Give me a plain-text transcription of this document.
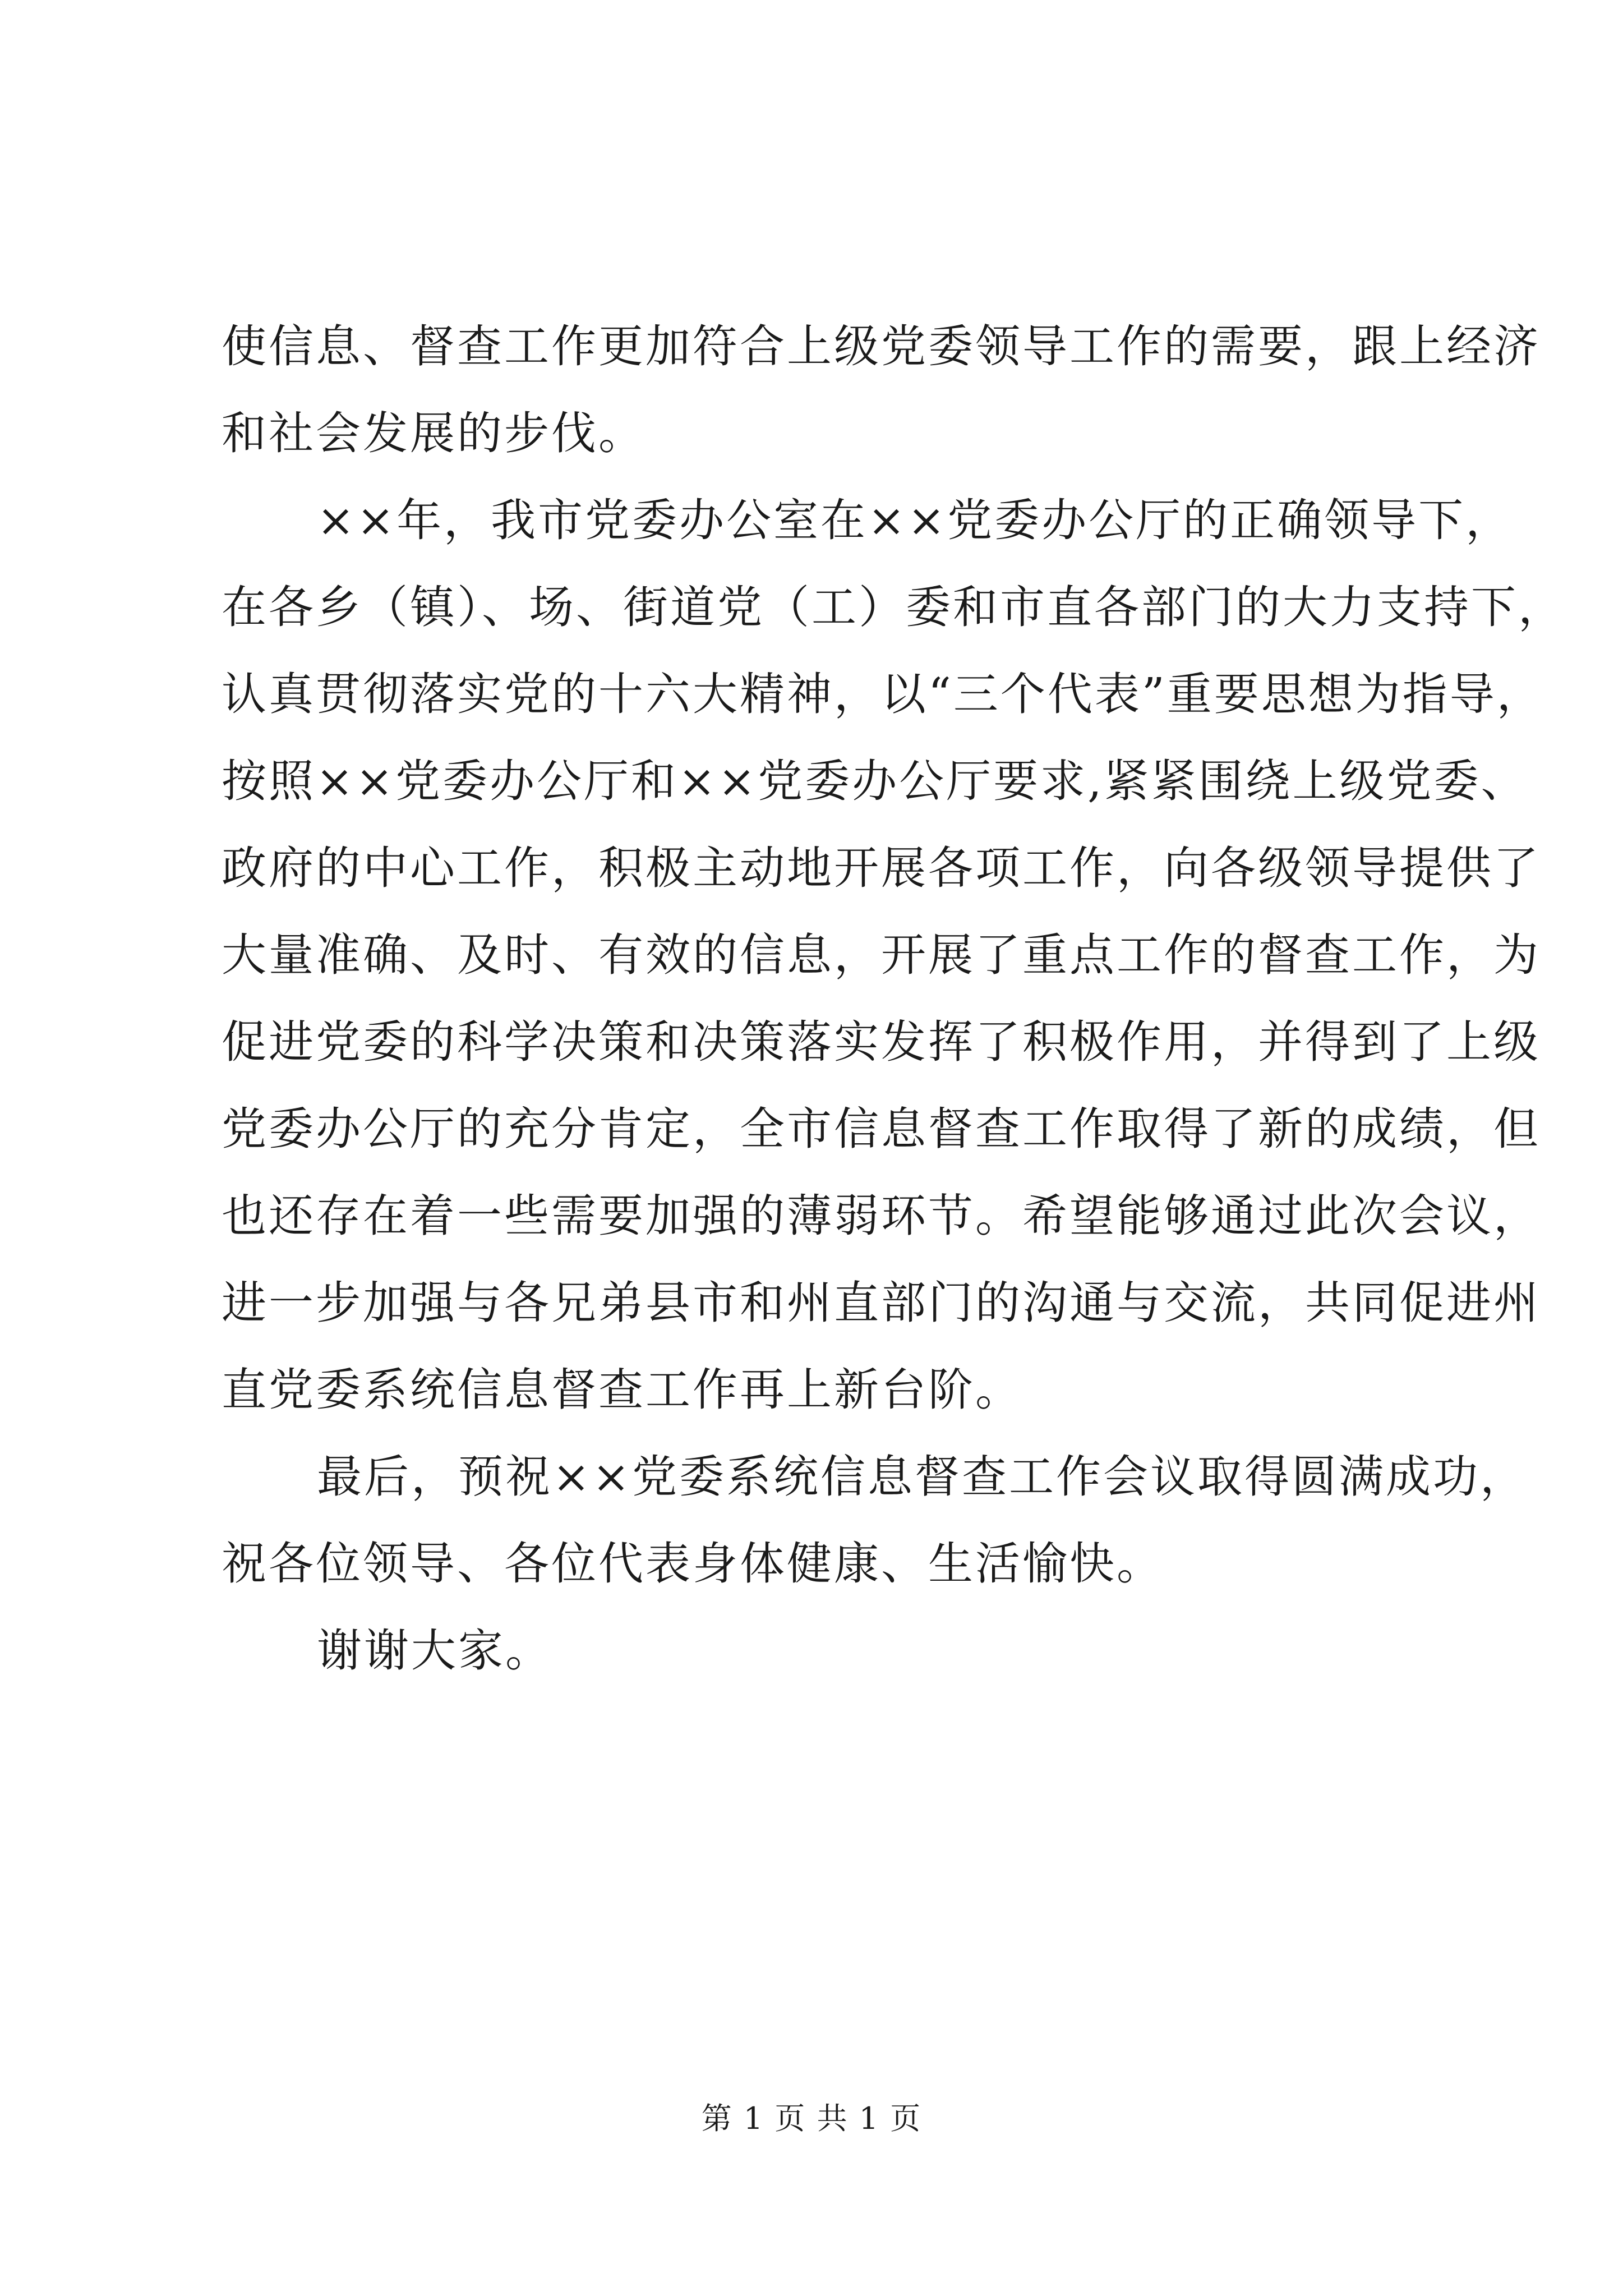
使信息、督查工作更加符合上级党委领导工作的需要，跟上经济
和社会发展的步伐。
××年，我市党委办公室在××党委办公厅的正确领导下，
在各乡（镇）、场、街道党（工）委和市直各部门的大力支持下，
认真贯彻落实党的十六大精神，以“三个代表”重要思想为指导，
按照××党委办公厅和××党委办公厅要求,紧紧围绕上级党委、
政府的中心工作，积极主动地开展各项工作，向各级领导提供了
大量准确、及时、有效的信息，开展了重点工作的督查工作，为
促进党委的科学决策和决策落实发挥了积极作用，并得到了上级
党委办公厅的充分肯定，全市信息督查工作取得了新的成绩，但
也还存在着一些需要加强的薄弱环节。希望能够通过此次会议，
进一步加强与各兄弟县市和州直部门的沟通与交流，共同促进州
直党委系统信息督查工作再上新台阶。
最后，预祝××党委系统信息督查工作会议取得圆满成功，
祝各位领导、各位代表身体健康、生活愉快。
谢谢大家。
第 1 页 共 1 页
